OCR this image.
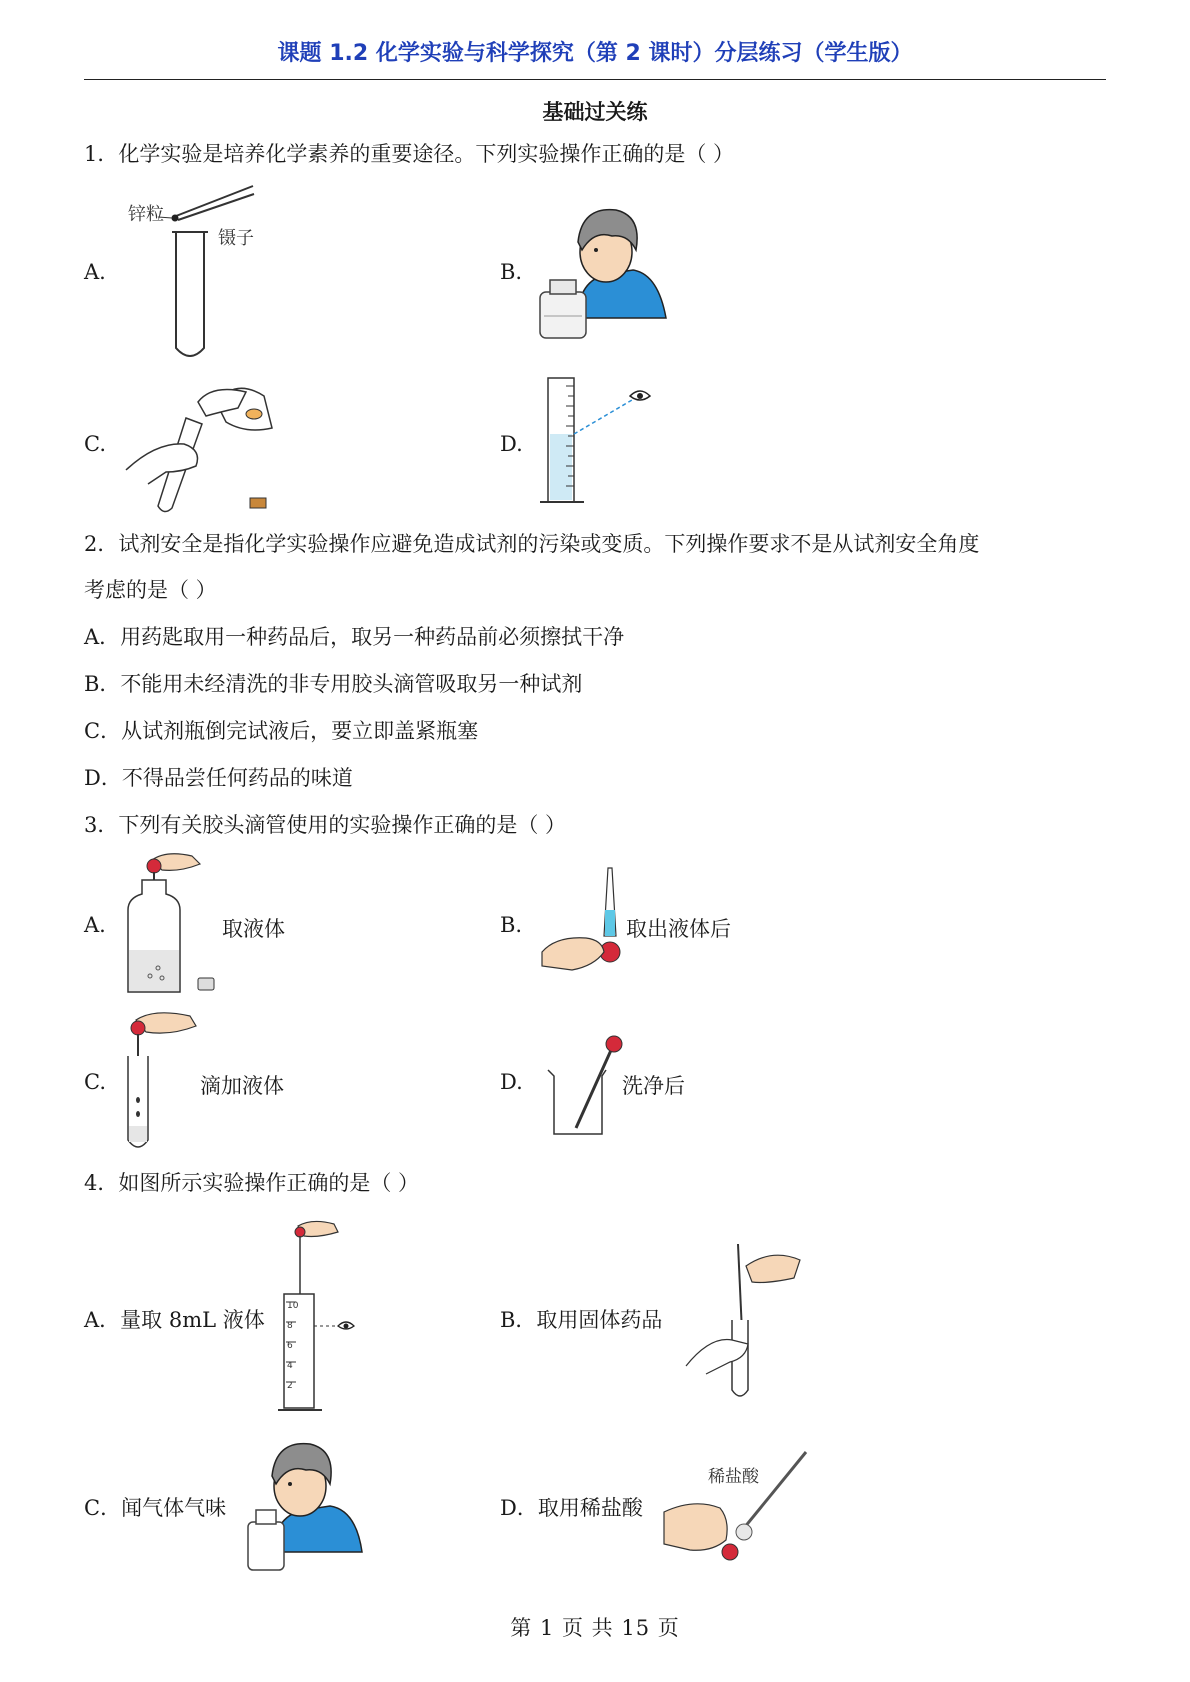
课题 1.2 化学实验与科学探究（第 2 课时）分层练习（学生版）
基础过关练
1．化学实验是培养化学素养的重要途径。下列实验操作正确的是（ ）
A.
锌粒
镊子
B.
C.	D.
2．试剂安全是指化学实验操作应避免造成试剂的污染或变质。下列操作要求不是从试剂安全角度
考虑的是（ ）
A．用药匙取用一种药品后，取另一种药品前必须擦拭干净
B．不能用未经清洗的非专用胶头滴管吸取另一种试剂
C．从试剂瓶倒完试液后，要立即盖紧瓶塞
D．不得品尝任何药品的味道
3．下列有关胶头滴管使用的实验操作正确的是（ ）
A.	取液体	B.	取出液体后
C.	滴加液体	D.	洗净后
4．如图所示实验操作正确的是（ ）
A．量取 8mL 液体
10
8
6
4
2
B．取用固体药品
C．闻气体气味	D．取用稀盐酸
稀盐酸
第 1 页 共 15 页
